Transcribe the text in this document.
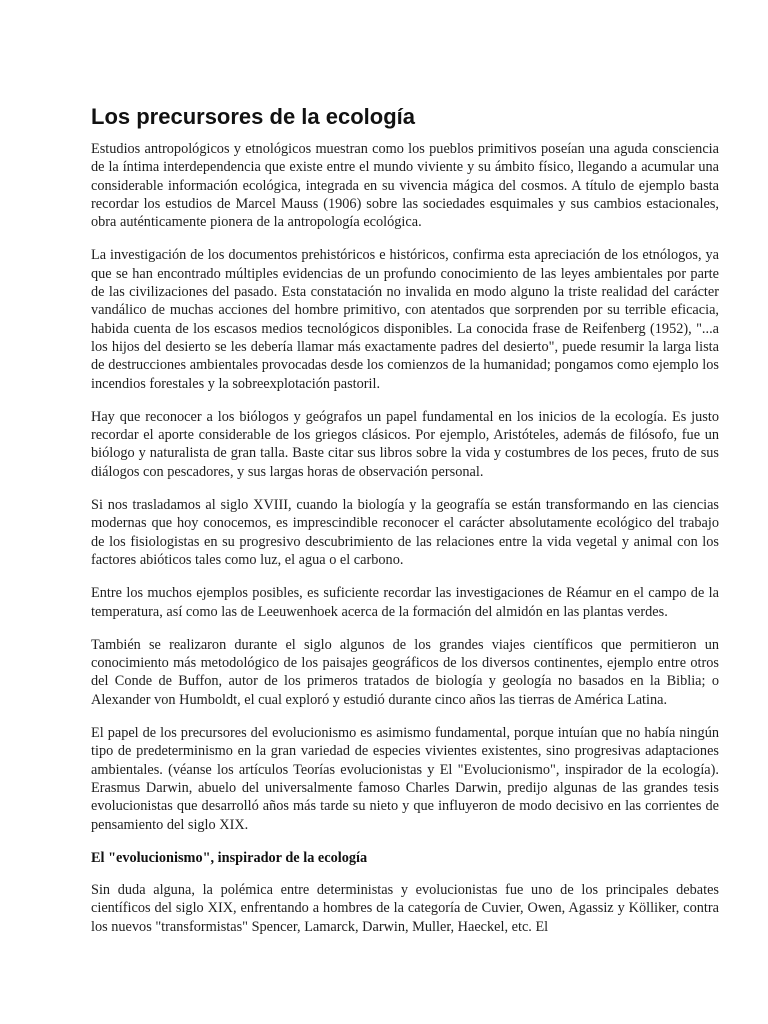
Los precursores de la ecología

Estudios antropológicos y etnológicos muestran como los pueblos primitivos poseían una aguda consciencia de la íntima interdependencia que existe entre el mundo viviente y su ámbito físico, llegando a acumular una considerable información ecológica, integrada en su vivencia mágica del cosmos. A título de ejemplo basta recordar los estudios de Marcel Mauss (1906) sobre las sociedades esquimales y sus cambios estacionales, obra auténticamente pionera de la antropología ecológica.

La investigación de los documentos prehistóricos e históricos, confirma esta apreciación de los etnólogos, ya que se han encontrado múltiples evidencias de un profundo conocimiento de las leyes ambientales por parte de las civilizaciones del pasado. Esta constatación no invalida en modo alguno la triste realidad del carácter vandálico de muchas acciones del hombre primitivo, con atentados que sorprenden por su terrible eficacia, habida cuenta de los escasos medios tecnológicos disponibles. La conocida frase de Reifenberg (1952), "...a los hijos del desierto se les debería llamar más exactamente padres del desierto", puede resumir la larga lista de destrucciones ambientales provocadas desde los comienzos de la humanidad; pongamos como ejemplo los incendios forestales y la sobreexplotación pastoril.

Hay que reconocer a los biólogos y geógrafos un papel fundamental en los inicios de la ecología. Es justo recordar el aporte considerable de los griegos clásicos. Por ejemplo, Aristóteles, además de filósofo, fue un biólogo y naturalista de gran talla. Baste citar sus libros sobre la vida y costumbres de los peces, fruto de sus diálogos con pescadores, y sus largas horas de observación personal.

Si nos trasladamos al siglo XVIII, cuando la biología y la geografía se están transformando en las ciencias modernas que hoy conocemos, es imprescindible reconocer el carácter absolutamente ecológico del trabajo de los fisiologistas en su progresivo descubrimiento de las relaciones entre la vida vegetal y animal con los factores abióticos tales como luz, el agua o el carbono.

Entre los muchos ejemplos posibles, es suficiente recordar las investigaciones de Réamur en el campo de la temperatura, así como las de Leeuwenhoek acerca de la formación del almidón en las plantas verdes.

También se realizaron durante el siglo algunos de los grandes viajes científicos que permitieron un conocimiento más metodológico de los paisajes geográficos de los diversos continentes, ejemplo entre otros del Conde de Buffon, autor de los primeros tratados de biología y geología no basados en la Biblia; o Alexander von Humboldt, el cual exploró y estudió durante cinco años las tierras de América Latina.

El papel de los precursores del evolucionismo es asimismo fundamental, porque intuían que no había ningún tipo de predeterminismo en la gran variedad de especies vivientes existentes, sino progresivas adaptaciones ambientales. (véanse los artículos Teorías evolucionistas y El "Evolucionismo", inspirador de la ecología). Erasmus Darwin, abuelo del universalmente famoso Charles Darwin, predijo algunas de las grandes tesis evolucionistas que desarrolló años más tarde su nieto y que influyeron de modo decisivo en las corrientes de pensamiento del siglo XIX.

El "evolucionismo", inspirador de la ecología

Sin duda alguna, la polémica entre deterministas y evolucionistas fue uno de los principales debates científicos del siglo XIX, enfrentando a hombres de la categoría de Cuvier, Owen, Agassiz y Kölliker, contra los nuevos "transformistas" Spencer, Lamarck, Darwin, Muller, Haeckel, etc. El
